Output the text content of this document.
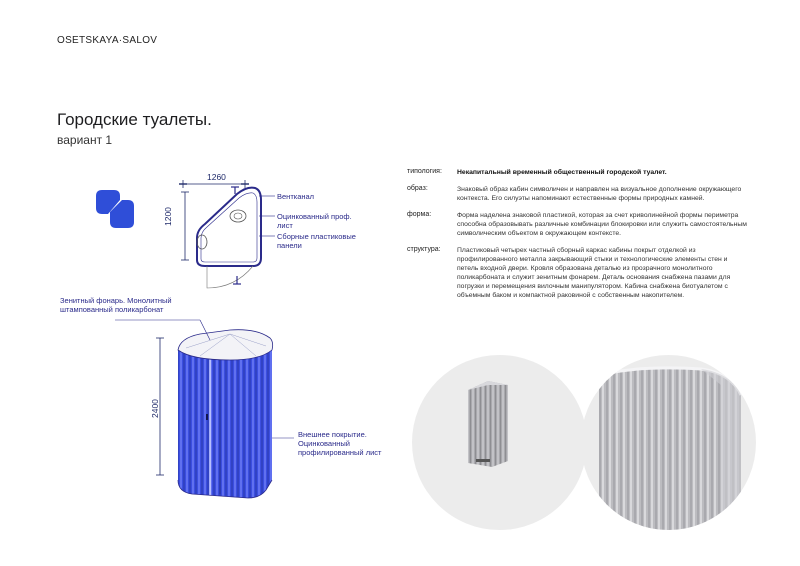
OSETSKAYA·SALOV
Городские туалеты.
вариант 1
1260
1200
Вентканал
Оцинкованный проф. лист
Сборные пластиковые панели
Зенитный фонарь. Монолитный штампованный поликарбонат
Внешнее покрытие. Оцинкованный профилированный лист
2400
типология:	Некапитальный временный общественный городской туалет.
образ:	Знаковый образ кабин символичен и направлен на визуальное дополнение окружающего контекста. Его силуэты напоминают естественные формы природных камней.
форма:	Форма наделена знаковой пластикой, которая за счет криволинейной формы периметра способна образовывать различные комбинации блокировки или служить самостоятельным символическим объектом в окружающем контексте.
структура:	Пластиковый четырех частный сборный каркас кабины покрыт отделкой из профилированного металла закрывающий стыки и технологические элементы стен и петель входной двери. Кровля образована деталью из прозрачного монолитного поликарбоната и служит зенитным фонарем. Деталь основания снабжена пазами для погрузки и перемещения вилочным манипулятором. Кабина снабжена биотуалетом с объемным баком и компактной раковиной с собственным накопителем.
